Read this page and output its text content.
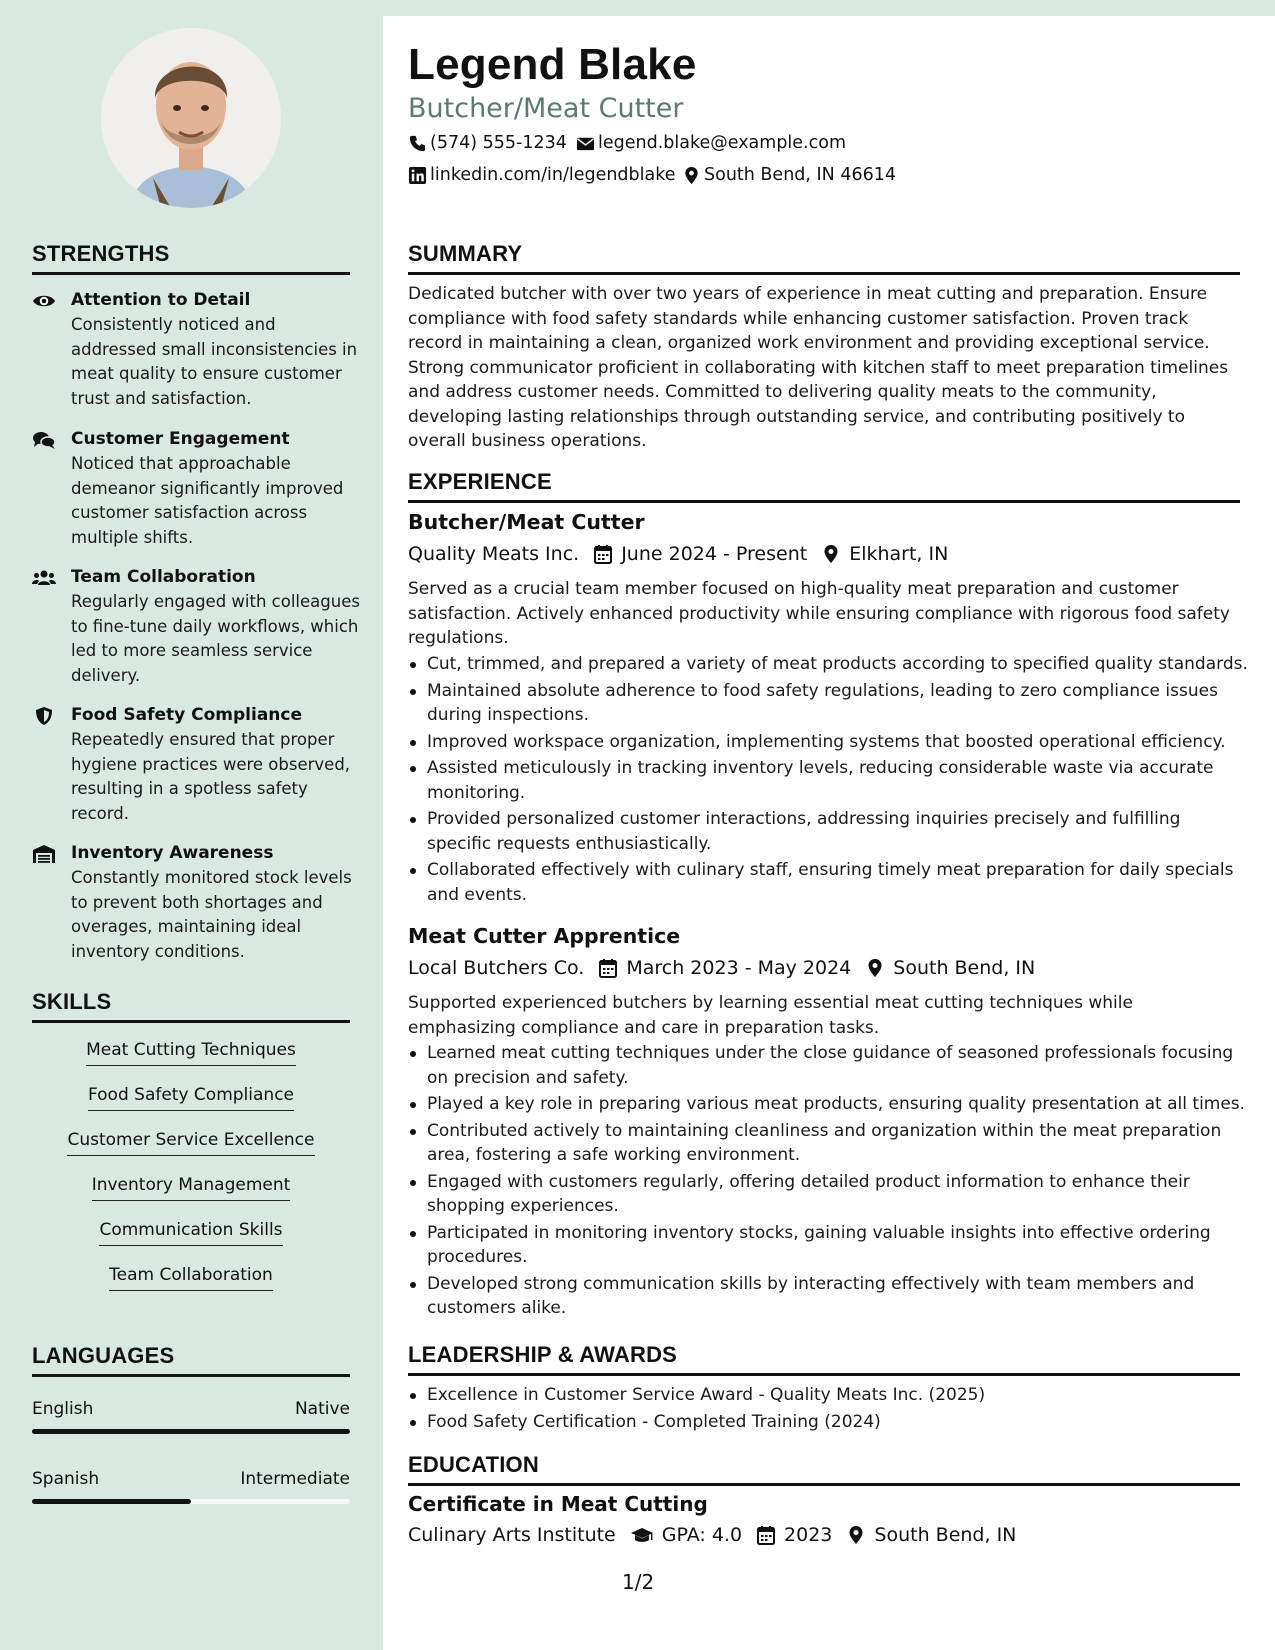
Legend Blake
Butcher/Meat Cutter
(574) 555-1234 legend.blake@example.com
linkedin.com/in/legendblake South Bend, IN 46614
STRENGTHS
Attention to Detail
Consistently noticed and addressed small inconsistencies in meat quality to ensure customer trust and satisfaction.
Customer Engagement
Noticed that approachable demeanor significantly improved customer satisfaction across multiple shifts.
Team Collaboration
Regularly engaged with colleagues to fine-tune daily workflows, which led to more seamless service delivery.
Food Safety Compliance
Repeatedly ensured that proper hygiene practices were observed, resulting in a spotless safety record.
Inventory Awareness
Constantly monitored stock levels to prevent both shortages and overages, maintaining ideal inventory conditions.
SKILLS
Meat Cutting Techniques
Food Safety Compliance
Customer Service Excellence
Inventory Management
Communication Skills
Team Collaboration
LANGUAGES
English	Native
Spanish	Intermediate
SUMMARY
Dedicated butcher with over two years of experience in meat cutting and preparation. Ensure compliance with food safety standards while enhancing customer satisfaction. Proven track record in maintaining a clean, organized work environment and providing exceptional service. Strong communicator proficient in collaborating with kitchen staff to meet preparation timelines and address customer needs. Committed to delivering quality meats to the community, developing lasting relationships through outstanding service, and contributing positively to overall business operations.
EXPERIENCE
Butcher/Meat Cutter
Quality Meats Inc. June 2024 - Present Elkhart, IN
Served as a crucial team member focused on high-quality meat preparation and customer satisfaction. Actively enhanced productivity while ensuring compliance with rigorous food safety regulations.
Cut, trimmed, and prepared a variety of meat products according to specified quality standards.
Maintained absolute adherence to food safety regulations, leading to zero compliance issues during inspections.
Improved workspace organization, implementing systems that boosted operational efficiency.
Assisted meticulously in tracking inventory levels, reducing considerable waste via accurate monitoring.
Provided personalized customer interactions, addressing inquiries precisely and fulfilling specific requests enthusiastically.
Collaborated effectively with culinary staff, ensuring timely meat preparation for daily specials and events.
Meat Cutter Apprentice
Local Butchers Co. March 2023 - May 2024 South Bend, IN
Supported experienced butchers by learning essential meat cutting techniques while emphasizing compliance and care in preparation tasks.
Learned meat cutting techniques under the close guidance of seasoned professionals focusing on precision and safety.
Played a key role in preparing various meat products, ensuring quality presentation at all times.
Contributed actively to maintaining cleanliness and organization within the meat preparation area, fostering a safe working environment.
Engaged with customers regularly, offering detailed product information to enhance their shopping experiences.
Participated in monitoring inventory stocks, gaining valuable insights into effective ordering procedures.
Developed strong communication skills by interacting effectively with team members and customers alike.
LEADERSHIP & AWARDS
Excellence in Customer Service Award - Quality Meats Inc. (2025)
Food Safety Certification - Completed Training (2024)
EDUCATION
Certificate in Meat Cutting
Culinary Arts Institute GPA: 4.0 2023 South Bend, IN
1/2
